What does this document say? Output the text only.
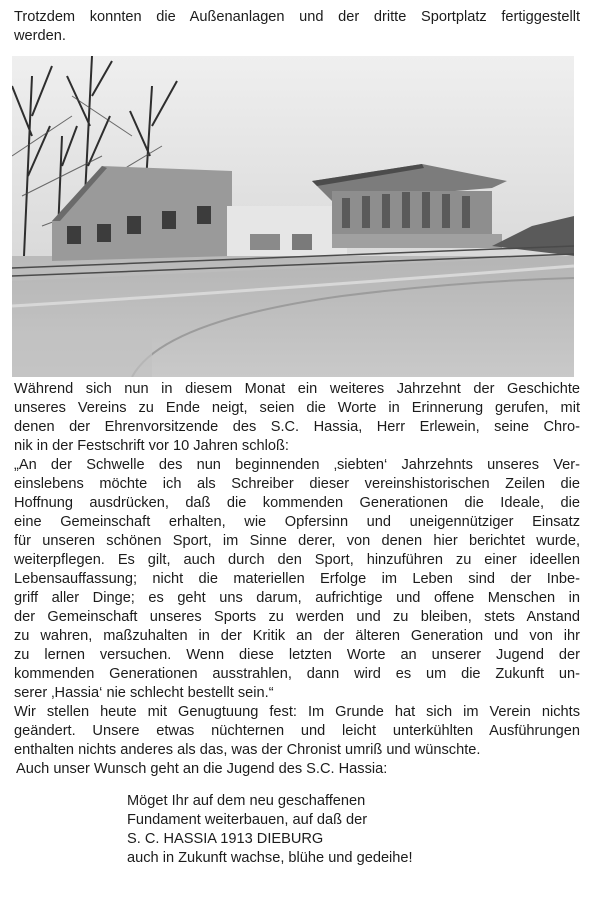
Trotzdem konnten die Außenanlagen und der dritte Sportplatz fertiggestellt
werden.
Während sich nun in diesem Monat ein weiteres Jahrzehnt der Geschichte
unseres Vereins zu Ende neigt, seien die Worte in Erinnerung gerufen, mit
denen der Ehrenvorsitzende des S.C. Hassia, Herr Erlewein, seine Chro-
nik in der Festschrift vor 10 Jahren schloß:
„An der Schwelle des nun beginnenden ‚siebten‘ Jahrzehnts unseres Ver-
einslebens möchte ich als Schreiber dieser vereinshistorischen Zeilen die
Hoffnung ausdrücken, daß die kommenden Generationen die Ideale, die
eine Gemeinschaft erhalten, wie Opfersinn und uneigennütziger Einsatz
für unseren schönen Sport, im Sinne derer, von denen hier berichtet wurde,
weiterpflegen. Es gilt, auch durch den Sport, hinzuführen zu einer ideellen
Lebensauffassung; nicht die materiellen Erfolge im Leben sind der Inbe-
griff aller Dinge; es geht uns darum, aufrichtige und offene Menschen in
der Gemeinschaft unseres Sports zu werden und zu bleiben, stets Anstand
zu wahren, maßzuhalten in der Kritik an der älteren Generation und von ihr
zu lernen versuchen. Wenn diese letzten Worte an unserer Jugend der
kommenden Generationen ausstrahlen, dann wird es um die Zukunft un-
serer ‚Hassia‘ nie schlecht bestellt sein.“
Wir stellen heute mit Genugtuung fest: Im Grunde hat sich im Verein nichts
geändert. Unsere etwas nüchternen und leicht unterkühlten Ausführungen
enthalten nichts anderes als das, was der Chronist umriß und wünschte.
Auch unser Wunsch geht an die Jugend des S.C. Hassia:
Möget Ihr auf dem neu geschaffenen
Fundament weiterbauen, auf daß der
S. C. HASSIA 1913 DIEBURG
auch in Zukunft wachse, blühe und gedeihe!
